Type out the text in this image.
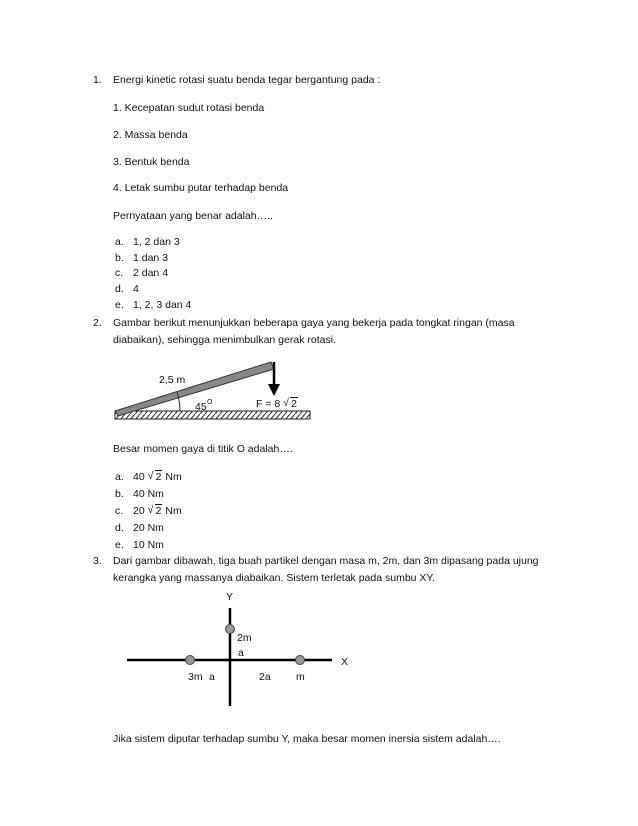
1.	Energi kinetic rotasi suatu benda tegar bergantung pada :
1. Kecepatan sudut rotasi benda
2. Massa benda
3. Bentuk benda
4. Letak sumbu putar terhadap benda
Pernyataan yang benar adalah…..
a. 1, 2 dan 3
b. 1 dan 3
c. 2 dan 4
d. 4
e. 1, 2, 3 dan 4
2.	Gambar berikut menunjukkan beberapa gaya yang bekerja pada tongkat ringan (masa
diabaikan), sehingga menimbulkan gerak rotasi.
2,5 m
45 O	F = 8 √ 2
Besar momen gaya di titik O adalah….
a. 40 √ 2 Nm
b. 40 Nm
c. 20 √ 2 Nm
d. 20 Nm
e. 10 Nm
3.	Dari gambar dibawah, tiga buah partikel dengan masa m, 2m, dan 3m dipasang pada ujung
kerangka yang massanya diabaikan. Sistem terletak pada sumbu XY.
Y
X
2m
a
3m a	2a m
Jika sistem diputar terhadap sumbu Y, maka besar momen inersia sistem adalah….
